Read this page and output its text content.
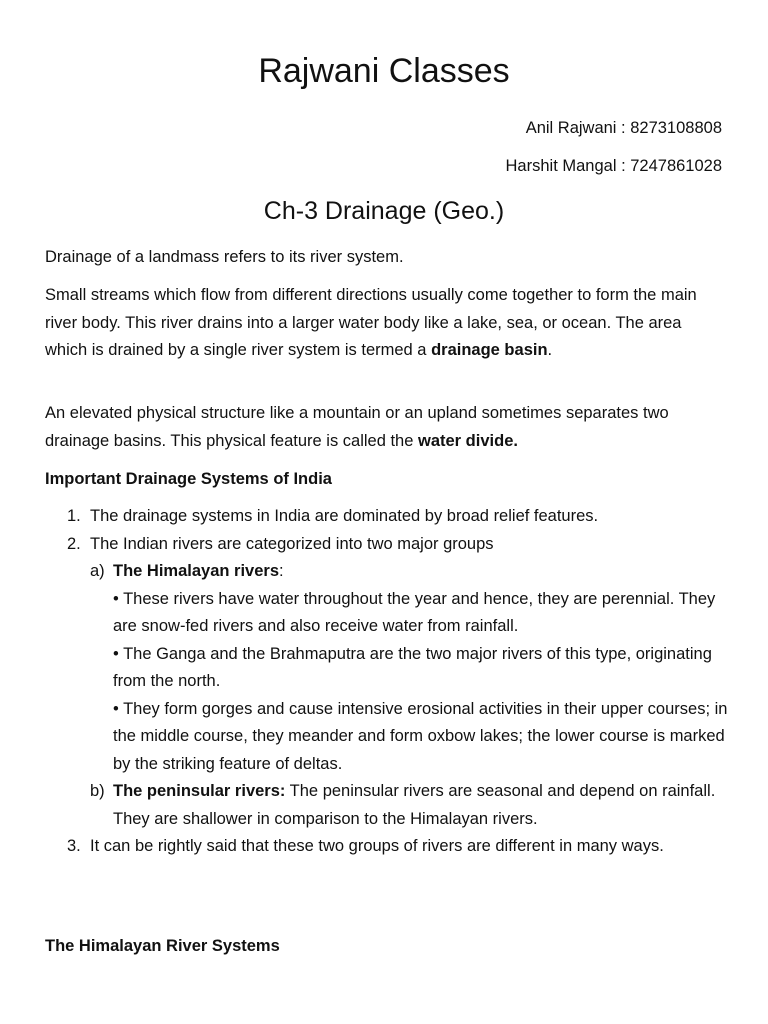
Rajwani Classes
Anil Rajwani : 8273108808
Harshit Mangal : 7247861028
Ch-3 Drainage (Geo.)

Drainage of a landmass refers to its river system.

Small streams which flow from different directions usually come together to form the main river body. This river drains into a larger water body like a lake, sea, or ocean. The area which is drained by a single river system is termed a drainage basin.

An elevated physical structure like a mountain or an upland sometimes separates two drainage basins. This physical feature is called the water divide.

Important Drainage Systems of India
1. The drainage systems in India are dominated by broad relief features.
2. The Indian rivers are categorized into two major groups
a) The Himalayan rivers:
• These rivers have water throughout the year and hence, they are perennial. They are snow-fed rivers and also receive water from rainfall.
• The Ganga and the Brahmaputra are the two major rivers of this type, originating from the north.
• They form gorges and cause intensive erosional activities in their upper courses; in the middle course, they meander and form oxbow lakes; the lower course is marked by the striking feature of deltas.
b) The peninsular rivers: The peninsular rivers are seasonal and depend on rainfall. They are shallower in comparison to the Himalayan rivers.
3. It can be rightly said that these two groups of rivers are different in many ways.
The Himalayan River Systems
